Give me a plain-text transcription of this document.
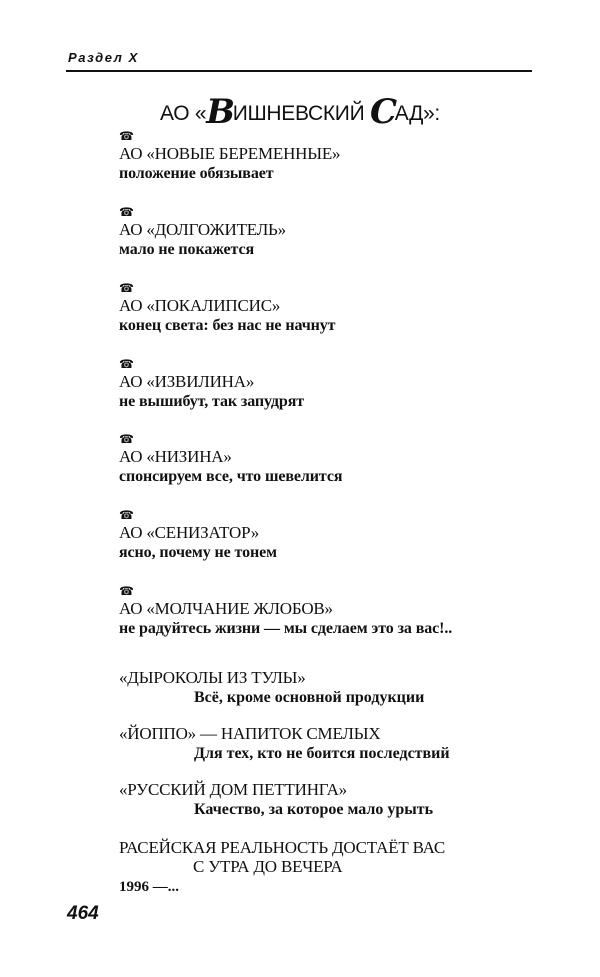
Раздел X
АО «ВИШНЕВСКИЙ САД»:
☎
АО «НОВЫЕ БЕРЕМЕННЫЕ»
положение обязывает
☎
АО «ДОЛГОЖИТЕЛЬ»
мало не покажется
☎
АО «ПОКАЛИПСИС»
конец света: без нас не начнут
☎
АО «ИЗВИЛИНА»
не вышибут, так запудрят
☎
АО «НИЗИНА»
спонсируем все, что шевелится
☎
АО «СЕНИЗАТОР»
ясно, почему не тонем
☎
АО «МОЛЧАНИЕ ЖЛОБОВ»
не радуйтесь жизни — мы сделаем это за вас!..
«ДЫРОКОЛЫ ИЗ ТУЛЫ»
Всё, кроме основной продукции
«ЙОППО» — НАПИТОК СМЕЛЫХ
Для тех, кто не боится последствий
«РУССКИЙ ДОМ ПЕТТИНГА»
Качество, за которое мало урыть
РАСЕЙСКАЯ РЕАЛЬНОСТЬ ДОСТАЁТ ВАС
С УТРА ДО ВЕЧЕРА
1996 —...
464
